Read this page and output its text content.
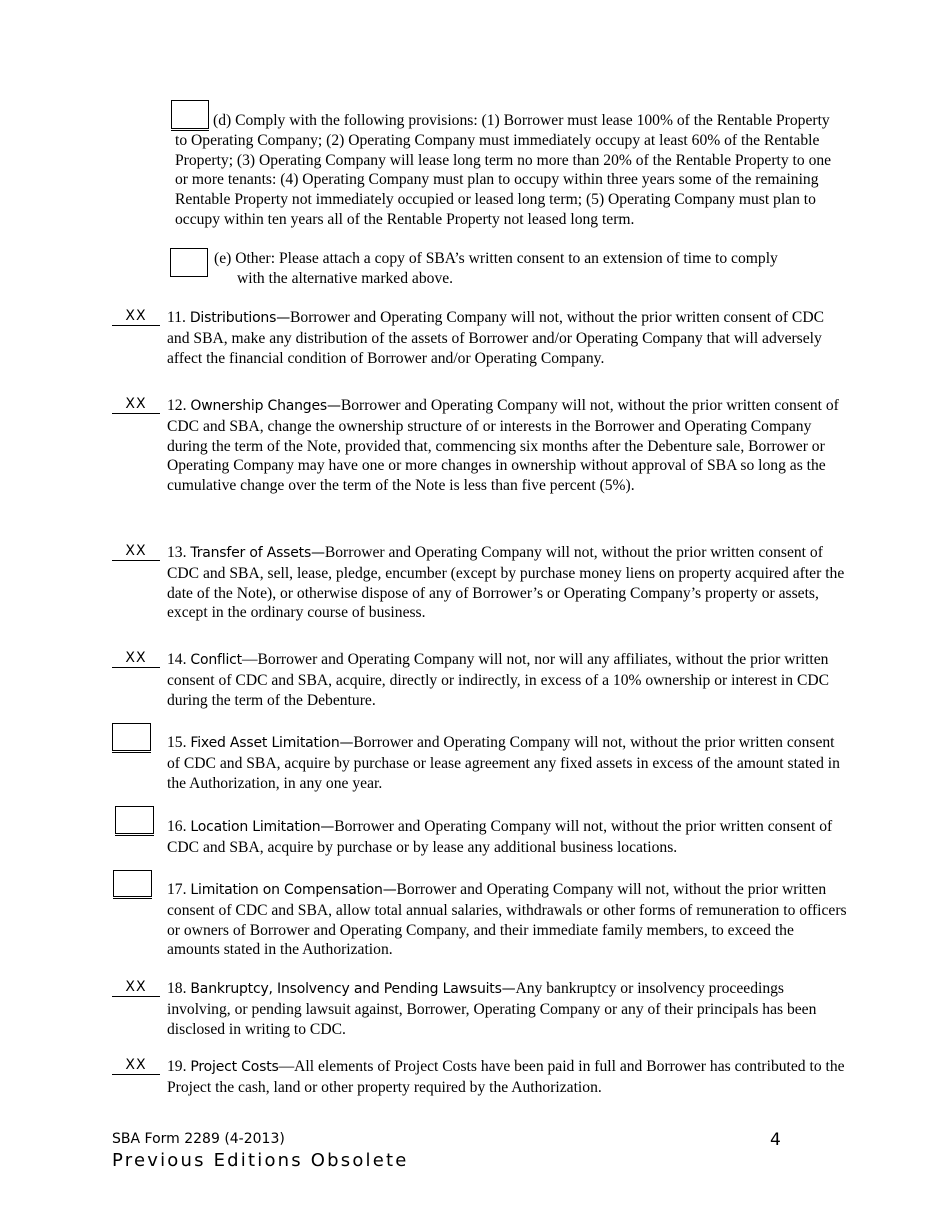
(d) Comply with the following provisions: (1) Borrower must lease 100% of the Rentable Property to Operating Company; (2) Operating Company must immediately occupy at least 60% of the Rentable Property; (3) Operating Company will lease long term no more than 20% of the Rentable Property to one or more tenants: (4) Operating Company must plan to occupy within three years some of the remaining Rentable Property not immediately occupied or leased long term; (5) Operating Company must plan to occupy within ten years all of the Rentable Property not leased long term.
(e) Other: Please attach a copy of SBA’s written consent to an extension of time to comply
with the alternative marked above.
XX	11. Distributions—Borrower and Operating Company will not, without the prior written consent of CDC and SBA, make any distribution of the assets of Borrower and/or Operating Company that will adversely affect the financial condition of Borrower and/or Operating Company.
XX	12. Ownership Changes—Borrower and Operating Company will not, without the prior written consent of CDC and SBA, change the ownership structure of or interests in the Borrower and Operating Company during the term of the Note, provided that, commencing six months after the Debenture sale, Borrower or Operating Company may have one or more changes in ownership without approval of SBA so long as the cumulative change over the term of the Note is less than five percent (5%).
XX	13. Transfer of Assets—Borrower and Operating Company will not, without the prior written consent of CDC and SBA, sell, lease, pledge, encumber (except by purchase money liens on property acquired after the date of the Note), or otherwise dispose of any of Borrower’s or Operating Company’s property or assets, except in the ordinary course of business.
XX	14. Conflict—Borrower and Operating Company will not, nor will any affiliates, without the prior written consent of CDC and SBA, acquire, directly or indirectly, in excess of a 10% ownership or interest in CDC during the term of the Debenture.
15. Fixed Asset Limitation—Borrower and Operating Company will not, without the prior written consent of CDC and SBA, acquire by purchase or lease agreement any fixed assets in excess of the amount stated in the Authorization, in any one year.
16. Location Limitation—Borrower and Operating Company will not, without the prior written consent of CDC and SBA, acquire by purchase or by lease any additional business locations.
17. Limitation on Compensation—Borrower and Operating Company will not, without the prior written consent of CDC and SBA, allow total annual salaries, withdrawals or other forms of remuneration to officers or owners of Borrower and Operating Company, and their immediate family members, to exceed the amounts stated in the Authorization.
XX	18. Bankruptcy, Insolvency and Pending Lawsuits—Any bankruptcy or insolvency proceedings involving, or pending lawsuit against, Borrower, Operating Company or any of their principals has been disclosed in writing to CDC.
XX	19. Project Costs—All elements of Project Costs have been paid in full and Borrower has contributed to the Project the cash, land or other property required by the Authorization.
SBA Form 2289 (4-2013)	4
Previous Editions Obsolete
